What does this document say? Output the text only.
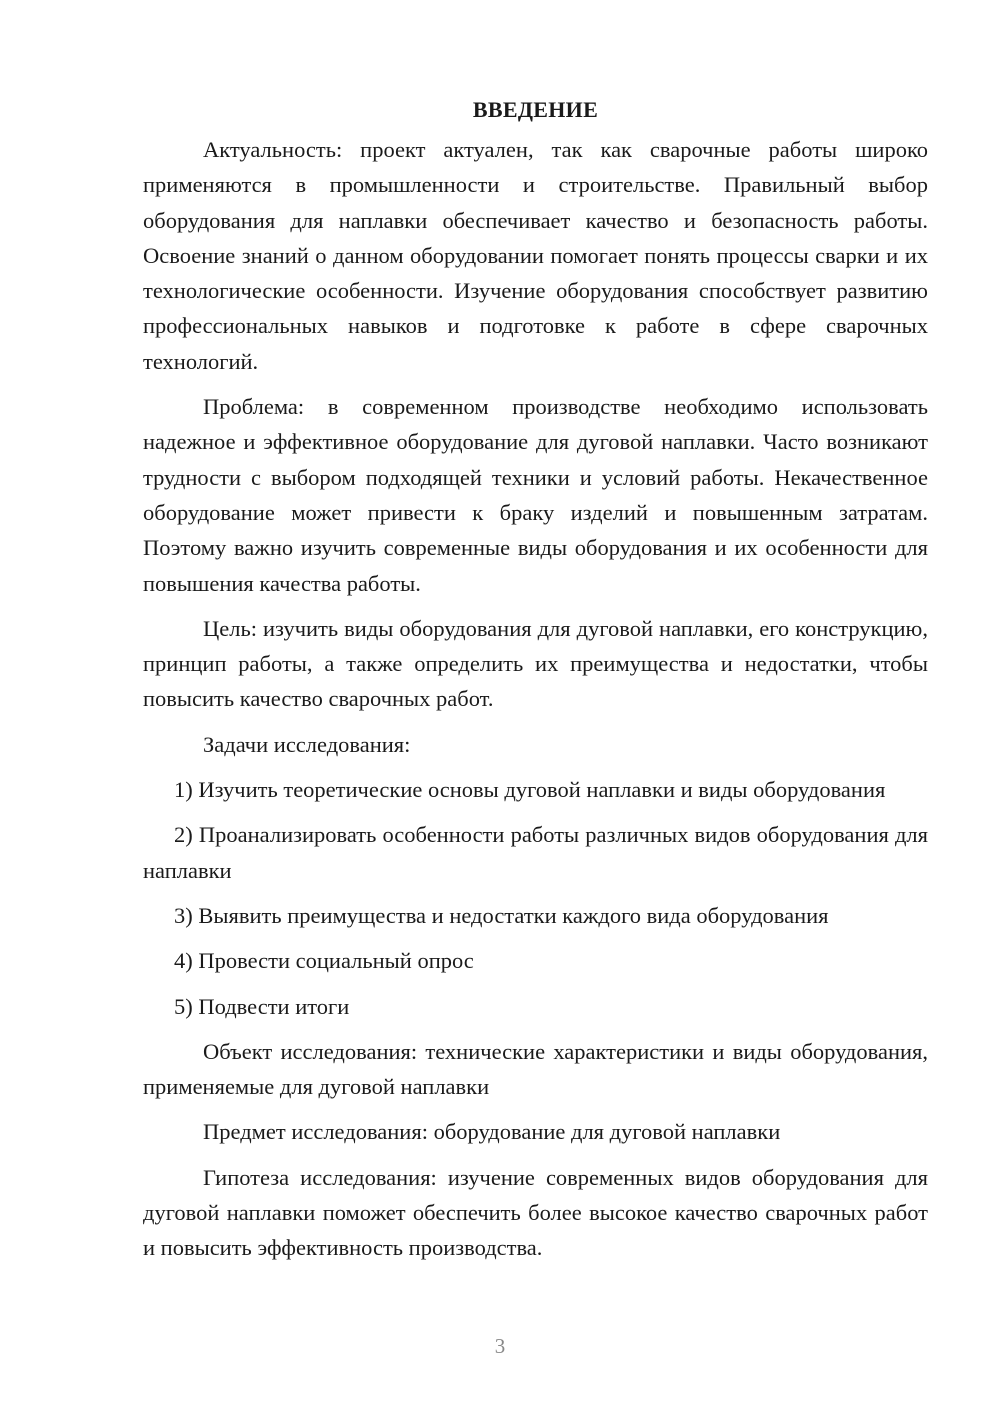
ВВЕДЕНИЕ

Актуальность: проект актуален, так как сварочные работы широко применяются в промышленности и строительстве. Правильный выбор оборудования для наплавки обеспечивает качество и безопасность работы. Освоение знаний о данном оборудовании помогает понять процессы сварки и их технологические особенности. Изучение оборудования способствует развитию профессиональных навыков и подготовке к работе в сфере сварочных технологий.

Проблема: в современном производстве необходимо использовать надежное и эффективное оборудование для дуговой наплавки. Часто возникают трудности с выбором подходящей техники и условий работы. Некачественное оборудование может привести к браку изделий и повышенным затратам. Поэтому важно изучить современные виды оборудования и их особенности для повышения качества работы.

Цель: изучить виды оборудования для дуговой наплавки, его конструкцию, принцип работы, а также определить их преимущества и недостатки, чтобы повысить качество сварочных работ.

Задачи исследования:

1) Изучить теоретические основы дуговой наплавки и виды оборудования

2) Проанализировать особенности работы различных видов оборудования для наплавки

3) Выявить преимущества и недостатки каждого вида оборудования

4) Провести социальный опрос

5) Подвести итоги

Объект исследования: технические характеристики и виды оборудования, применяемые для дуговой наплавки

Предмет исследования: оборудование для дуговой наплавки

Гипотеза исследования: изучение современных видов оборудования для дуговой наплавки поможет обеспечить более высокое качество сварочных работ и повысить эффективность производства.

3
